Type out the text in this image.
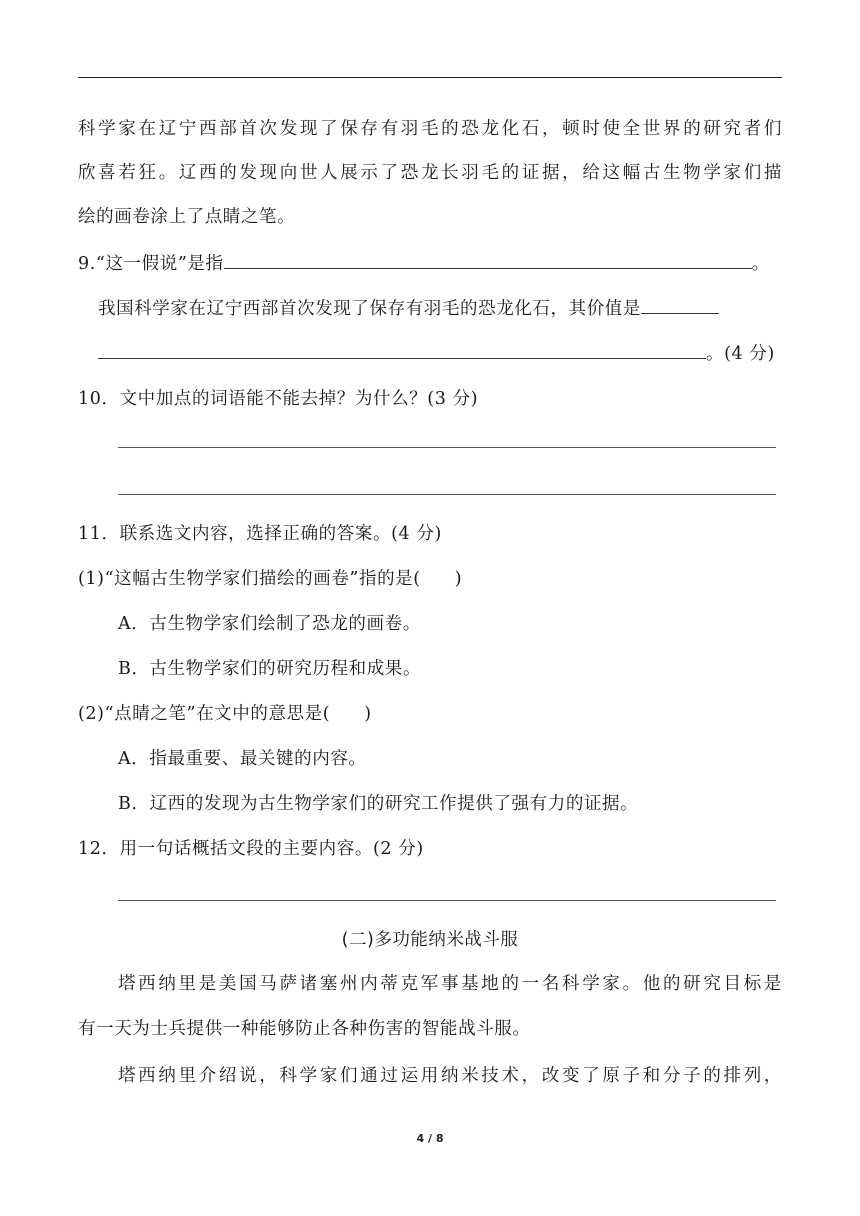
科学家在辽宁西部首次发现了保存有羽毛的恐龙化石，顿时使全世界的研究者们
欣喜若狂。辽西的发现向世人展示了恐龙长羽毛的证据，给这幅古生物学家们描
绘的画卷涂上了点睛之笔。
9.“这一假说”是指	。
我国科学家在辽宁西部首次发现了保存有羽毛的恐龙化石，其价值是
。(4 分)
10．文中加点的词语能不能去掉？为什么？(3 分)
11．联系选文内容，选择正确的答案。(4 分)
(1)“这幅古生物学家们描绘的画卷”指的是( )
A．古生物学家们绘制了恐龙的画卷。
B．古生物学家们的研究历程和成果。
(2)“点睛之笔”在文中的意思是( )
A．指最重要、最关键的内容。
B．辽西的发现为古生物学家们的研究工作提供了强有力的证据。
12．用一句话概括文段的主要内容。(2 分)
(二)多功能纳米战斗服
塔西纳里是美国马萨诸塞州内蒂克军事基地的一名科学家。他的研究目标是
有一天为士兵提供一种能够防止各种伤害的智能战斗服。
塔西纳里介绍说，科学家们通过运用纳米技术，改变了原子和分子的排列，
4 / 8
